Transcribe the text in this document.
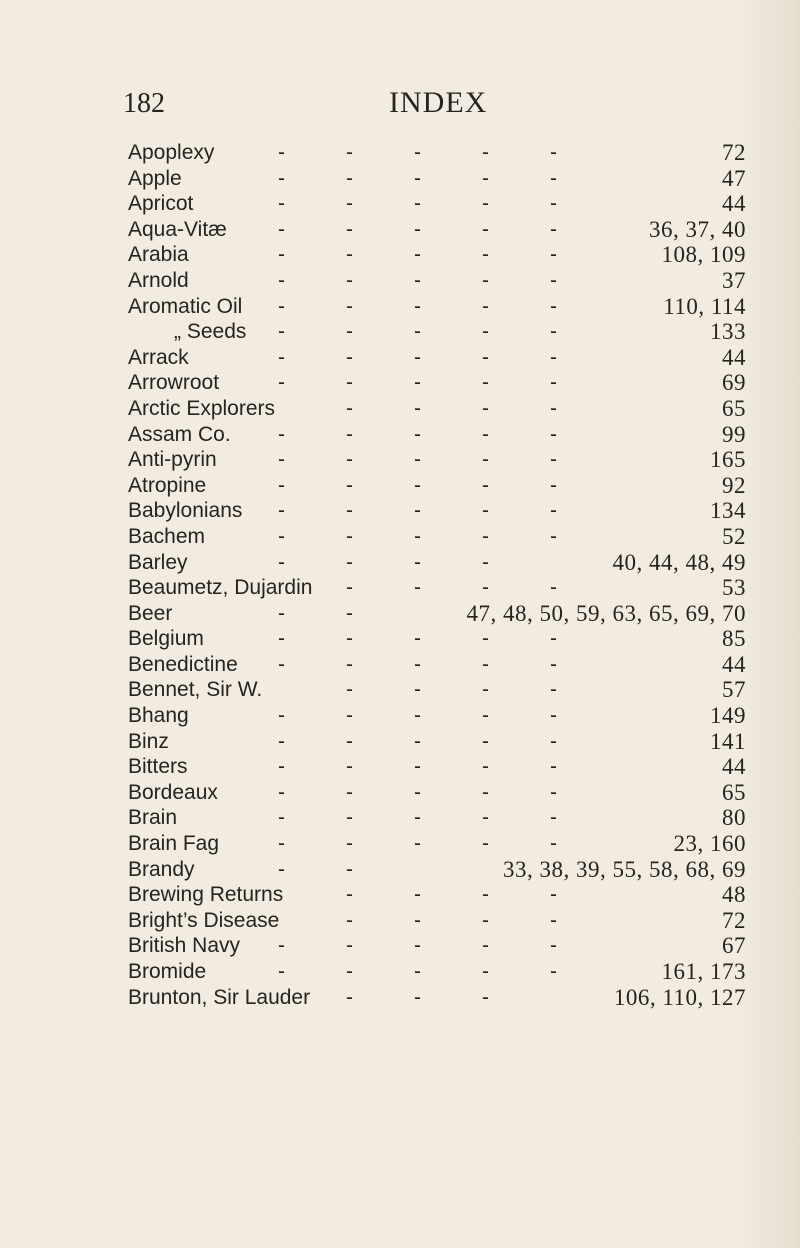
182	INDEX
Apoplexy	-	-	-	-	-	72
Apple	-	-	-	-	-	47
Apricot	-	-	-	-	-	44
Aqua-Vitæ -	-	-	-	-	36, 37, 40
Arabia	-	-	-	-	-	108, 109
Arnold	-	-	-	-	-	37
Aromatic Oil -	-	-	-	-	110, 114
„ Seeds -	-	-	-	-	133
Arrack	-	-	-	-	-	44
Arrowroot	-	-	-	-	-	69
Arctic Explorers	-	-	-	-	65
Assam Co. -	-	-	-	-	99
Anti-pyrin	-	-	-	-	-	165
Atropine	-	-	-	-	-	92
Babylonians -	-	-	-	-	134
Bachem	-	-	-	-	-	52
Barley	-	-	-	-	40, 44, 48, 49
Beaumetz, Dujardin -	-	-	-	53
Beer	-	-	47, 48, 50, 59, 63, 65, 69, 70
Belgium	-	-	-	-	-	85
Benedictine -	-	-	-	-	44
Bennet, Sir W.	-	-	-	-	57
Bhang	-	-	-	-	-	149
Binz	-	-	-	-	-	141
Bitters	-	-	-	-	-	44
Bordeaux	-	-	-	-	-	65
Brain	-	-	-	-	-	80
Brain Fag	-	-	-	-	-	23, 160
Brandy	-	-	33, 38, 39, 55, 58, 68, 69
Brewing Returns	-	-	-	-	48
Bright’s Disease	-	-	-	-	72
British Navy -	-	-	-	-	67
Bromide	-	-	-	-	-	161, 173
Brunton, Sir Lauder -	-	-	106, 110, 127
